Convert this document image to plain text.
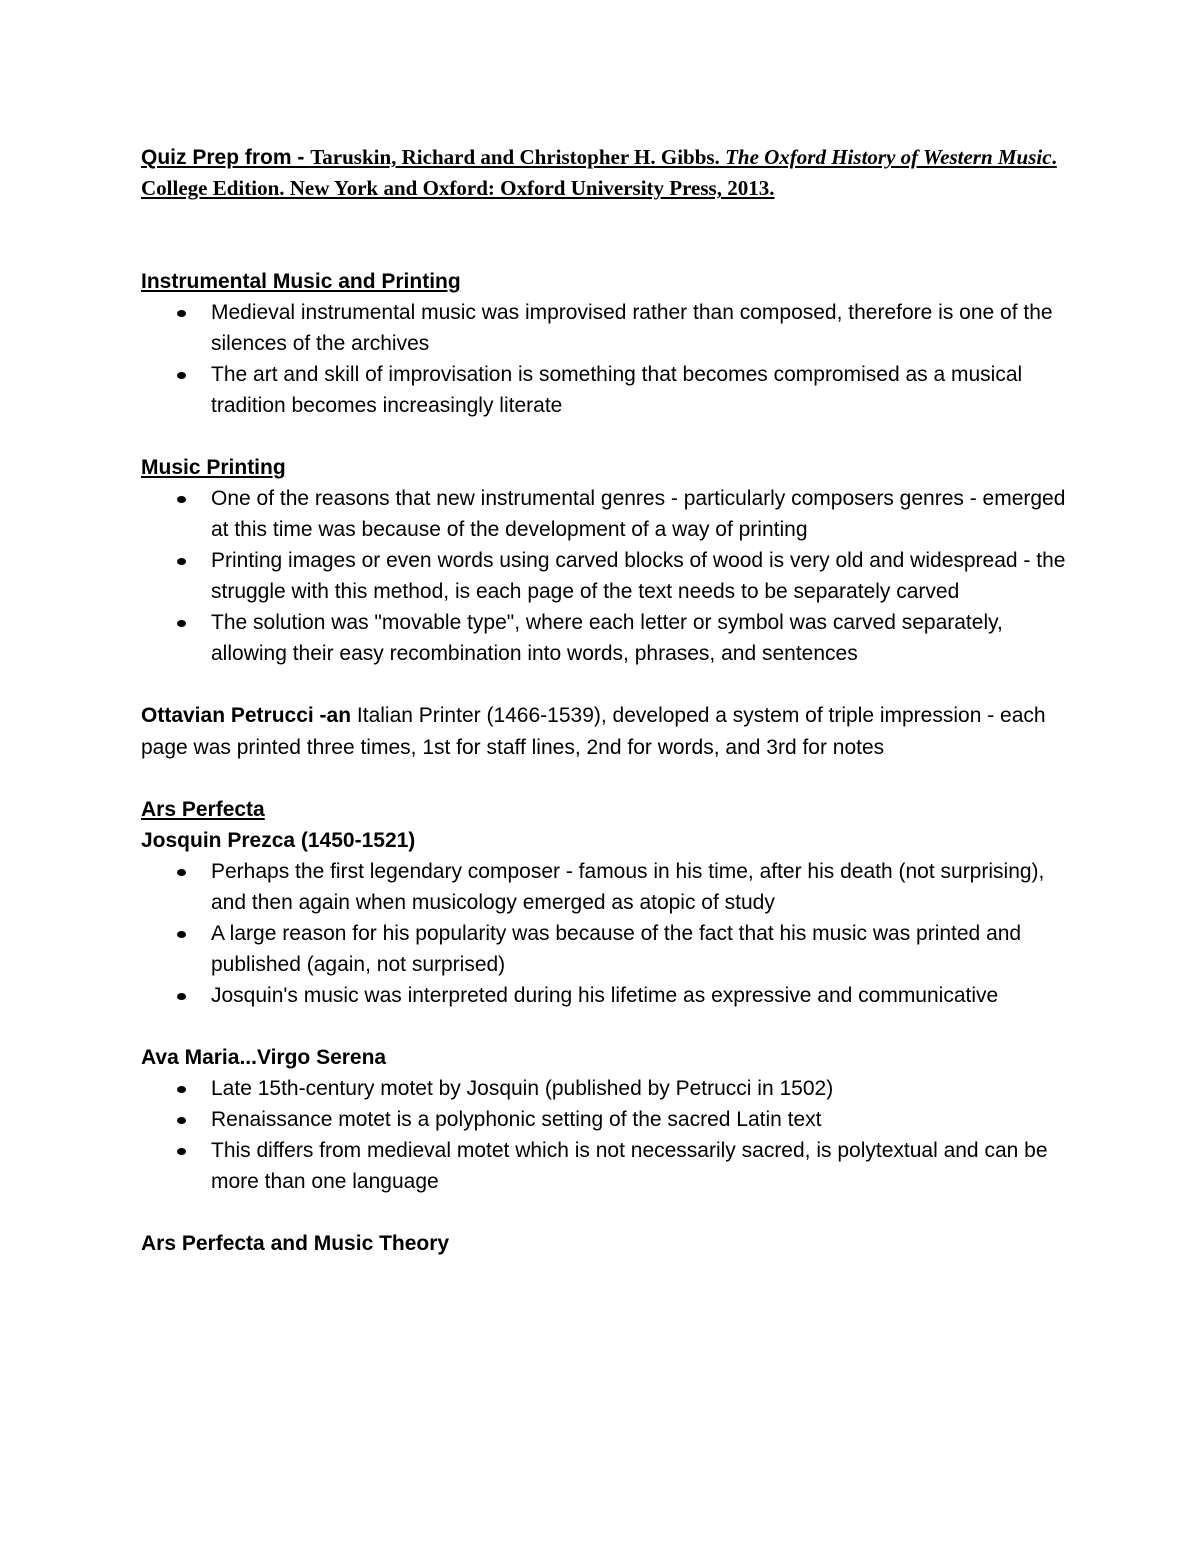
Quiz Prep from - Taruskin, Richard and Christopher H. Gibbs. The Oxford History of Western Music. College Edition. New York and Oxford: Oxford University Press, 2013.

Instrumental Music and Printing

Medieval instrumental music was improvised rather than composed, therefore is one of the silences of the archives
The art and skill of improvisation is something that becomes compromised as a musical tradition becomes increasingly literate

Music Printing

One of the reasons that new instrumental genres - particularly composers genres - emerged at this time was because of the development of a way of printing
Printing images or even words using carved blocks of wood is very old and widespread - the struggle with this method, is each page of the text needs to be separately carved
The solution was "movable type", where each letter or symbol was carved separately, allowing their easy recombination into words, phrases, and sentences

Ottavian Petrucci -an Italian Printer (1466-1539), developed a system of triple impression - each page was printed three times, 1st for staff lines, 2nd for words, and 3rd for notes

Ars Perfecta

Josquin Prezca (1450-1521)

Perhaps the first legendary composer - famous in his time, after his death (not surprising), and then again when musicology emerged as atopic of study
A large reason for his popularity was because of the fact that his music was printed and published (again, not surprised)
Josquin's music was interpreted during his lifetime as expressive and communicative

Ava Maria...Virgo Serena

Late 15th-century motet by Josquin (published by Petrucci in 1502)
Renaissance motet is a polyphonic setting of the sacred Latin text
This differs from medieval motet which is not necessarily sacred, is polytextual and can be more than one language

Ars Perfecta and Music Theory
